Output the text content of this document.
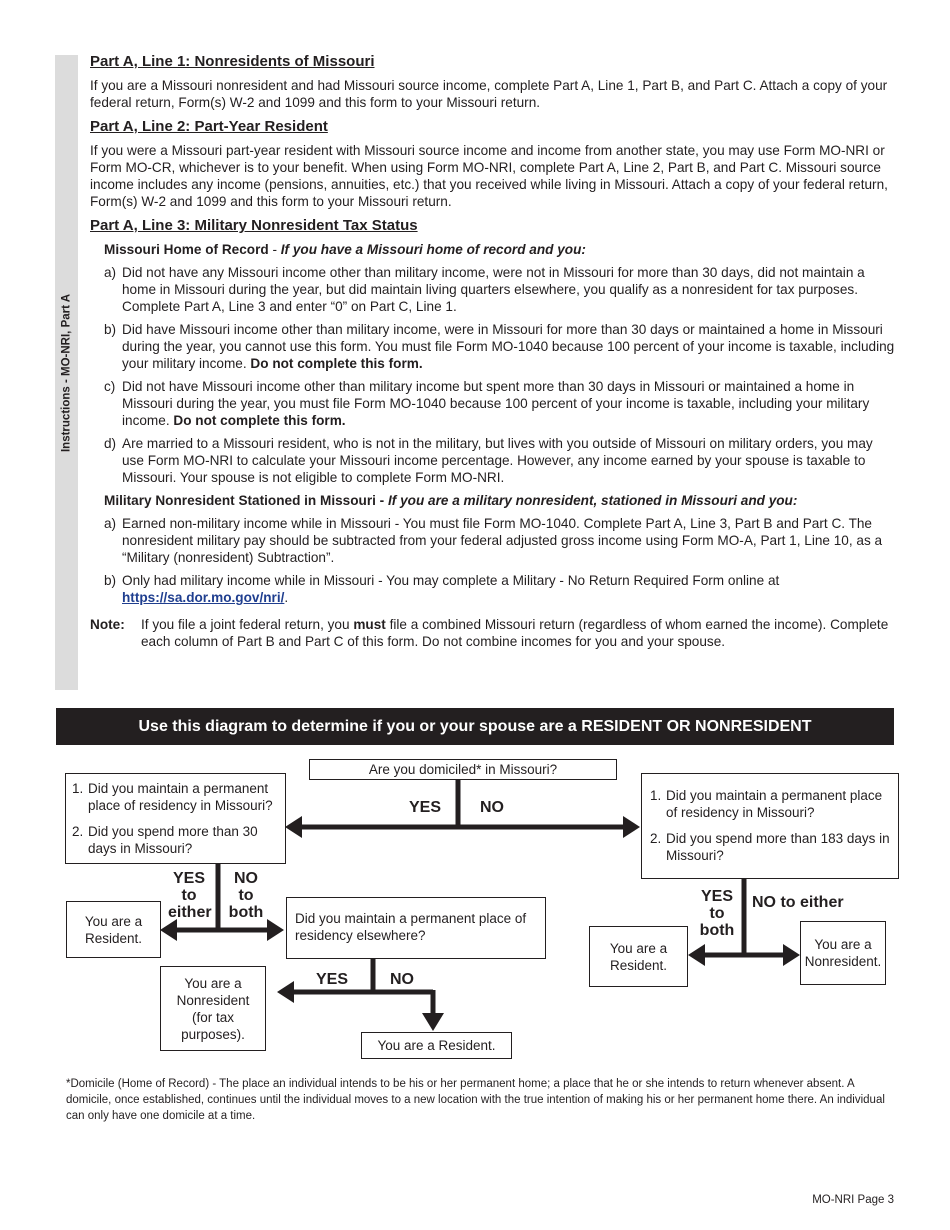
Instructions - MO-NRI, Part A
Part A, Line 1: Nonresidents of Missouri

If you are a Missouri nonresident and had Missouri source income, complete Part A, Line 1, Part B, and Part C. Attach a copy of your federal return, Form(s) W-2 and 1099 and this form to your Missouri return.

Part A, Line 2: Part-Year Resident

If you were a Missouri part-year resident with Missouri source income and income from another state, you may use Form MO-NRI or Form MO-CR, whichever is to your benefit. When using Form MO-NRI, complete Part A, Line 2, Part B, and Part C. Missouri source income includes any income (pensions, annuities, etc.) that you received while living in Missouri. Attach a copy of your federal return, Form(s) W-2 and 1099 and this form to your Missouri return.

Part A, Line 3: Military Nonresident Tax Status
Missouri Home of Record - If you have a Missouri home of record and you:
a) Did not have any Missouri income other than military income, were not in Missouri for more than 30 days, did not maintain a home in Missouri during the year, but did maintain living quarters elsewhere, you qualify as a nonresident for tax purposes. Complete Part A, Line 3 and enter “0” on Part C, Line 1.
b) Did have Missouri income other than military income, were in Missouri for more than 30 days or maintained a home in Missouri during the year, you cannot use this form. You must file Form MO-1040 because 100 percent of your income is taxable, including your military income. Do not complete this form.
c) Did not have Missouri income other than military income but spent more than 30 days in Missouri or maintained a home in Missouri during the year, you must file Form MO-1040 because 100 percent of your income is taxable, including your military income. Do not complete this form.
d) Are married to a Missouri resident, who is not in the military, but lives with you outside of Missouri on military orders, you may use Form MO-NRI to calculate your Missouri income percentage. However, any income earned by your spouse is taxable to Missouri. Your spouse is not eligible to complete Form MO-NRI.
Military Nonresident Stationed in Missouri - If you are a military nonresident, stationed in Missouri and you:
a) Earned non-military income while in Missouri - You must file Form MO-1040. Complete Part A, Line 3, Part B and Part C. The nonresident military pay should be subtracted from your federal adjusted gross income using Form MO-A, Part 1, Line 10, as a “Military (nonresident) Subtraction”.
b) Only had military income while in Missouri - You may complete a Military - No Return Required Form online at https://sa.dor.mo.gov/nri/.
Note:	If you file a joint federal return, you must file a combined Missouri return (regardless of whom earned the income). Complete each column of Part B and Part C of this form. Do not combine incomes for you and your spouse.
Use this diagram to determine if you or your spouse are a RESIDENT OR NONRESIDENT
Are you domiciled* in Missouri?
YES	NO
1. Did you maintain a permanent place of residency in Missouri?
2. Did you spend more than 30 days in Missouri?
1. Did you maintain a permanent place of residency in Missouri?
2. Did you spend more than 183 days in Missouri?
YES to either
NO to both
You are a Resident.
Did you maintain a permanent place of residency elsewhere?
YES	NO
You are a Nonresident (for tax purposes).
You are a Resident.
YES to both
NO to either
You are a Resident.
You are a Nonresident.
*Domicile (Home of Record) - The place an individual intends to be his or her permanent home; a place that he or she intends to return whenever absent. A domicile, once established, continues until the individual moves to a new location with the true intention of making his or her permanent home there. An individual can only have one domicile at a time.
MO-NRI Page 3
